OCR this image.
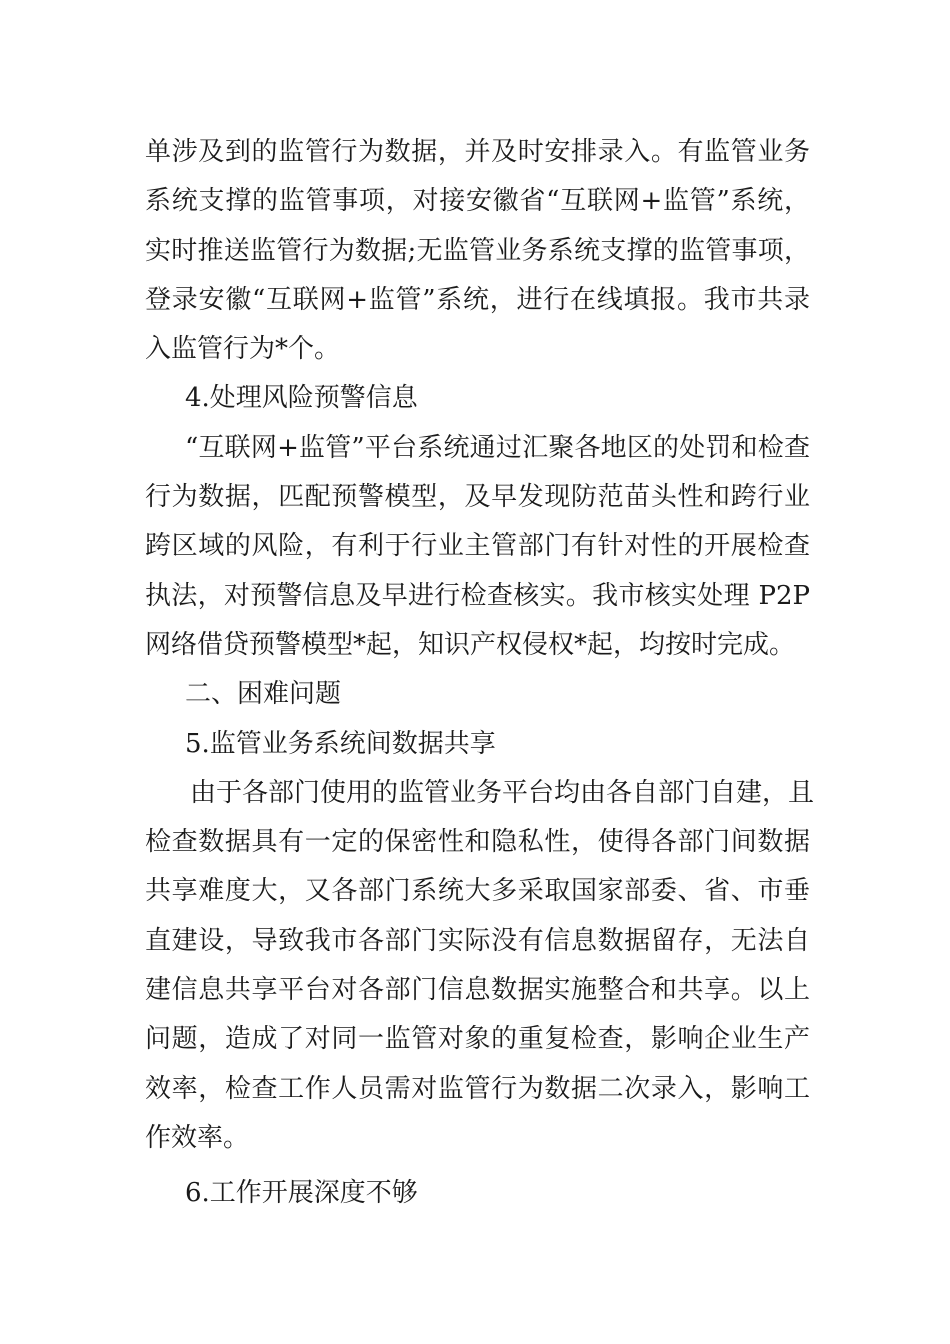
单涉及到的监管行为数据，并及时安排录入。有监管业务
系统支撑的监管事项，对接安徽省“互联网+监管”系统，
实时推送监管行为数据;无监管业务系统支撑的监管事项，
登录安徽“互联网+监管”系统，进行在线填报。我市共录
入监管行为*个。
4.处理风险预警信息
“互联网+监管”平台系统通过汇聚各地区的处罚和检查
行为数据，匹配预警模型，及早发现防范苗头性和跨行业
跨区域的风险，有利于行业主管部门有针对性的开展检查
执法，对预警信息及早进行检查核实。我市核实处理 P2P
网络借贷预警模型*起，知识产权侵权*起，均按时完成。
二、困难问题
5.监管业务系统间数据共享
由于各部门使用的监管业务平台均由各自部门自建，且
检查数据具有一定的保密性和隐私性，使得各部门间数据
共享难度大，又各部门系统大多采取国家部委、省、市垂
直建设，导致我市各部门实际没有信息数据留存，无法自
建信息共享平台对各部门信息数据实施整合和共享。以上
问题，造成了对同一监管对象的重复检查，影响企业生产
效率，检查工作人员需对监管行为数据二次录入，影响工
作效率。
6.工作开展深度不够
